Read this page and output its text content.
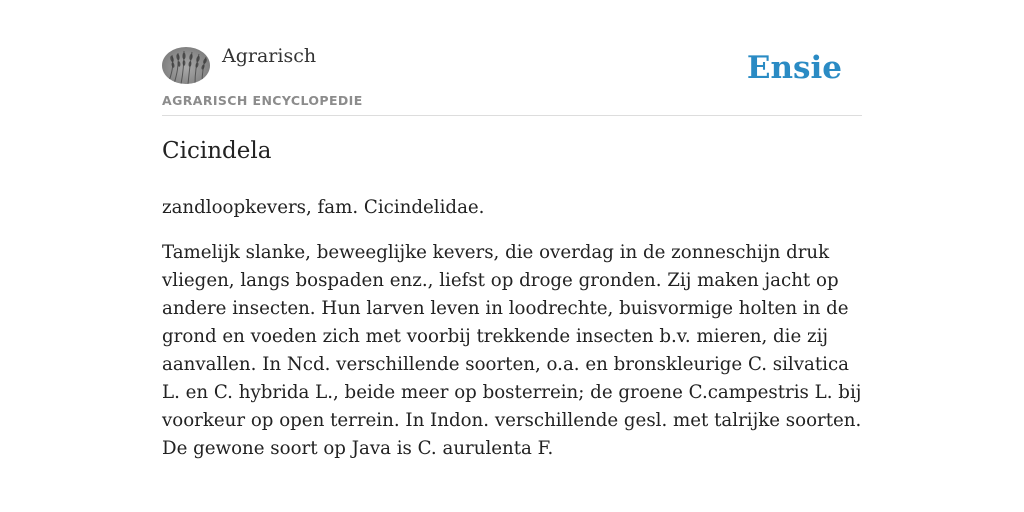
Agrarisch
AGRARISCH ENCYCLOPEDIE
Ensie
Cicindela

zandloopkevers, fam. Cicindelidae.

Tamelijk slanke, beweeglijke kevers, die overdag in de zonneschijn druk vliegen, langs bospaden enz., liefst op droge gronden. Zij maken jacht op andere insecten. Hun larven leven in loodrechte, buisvormige holten in de grond en voeden zich met voorbij trekkende insecten b.v. mieren, die zij aanvallen. In Ncd. verschillende soorten, o.a. en bronskleurige C. silvatica L. en C. hybrida L., beide meer op bosterrein; de groene C.campestris L. bij voorkeur op open terrein. In Indon. verschillende gesl. met talrijke soorten. De gewone soort op Java is C. aurulenta F.
